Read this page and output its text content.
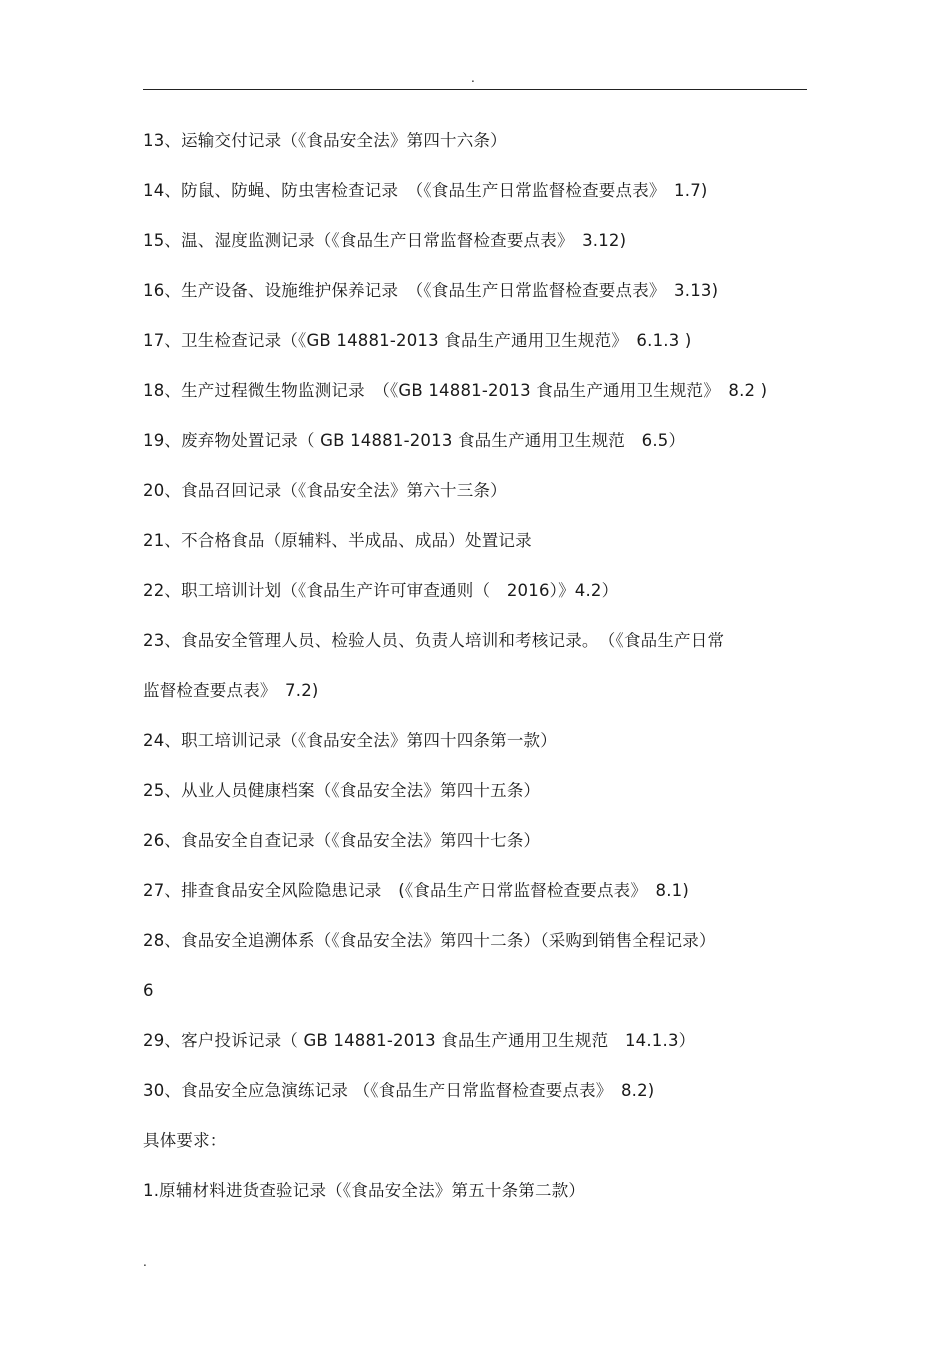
.
13、运输交付记录（《食品安全法》第四十六条）
14、防鼠、防蝇、防虫害检查记录　（《食品生产日常监督检查要点表》　1.7)
15、温、湿度监测记录（《食品生产日常监督检查要点表》　3.12)
16、生产设备、设施维护保养记录　（《食品生产日常监督检查要点表》　3.13)
17、卫生检查记录（《GB 14881-2013 食品生产通用卫生规范》　6.1.3 )
18、生产过程微生物监测记录　（《GB 14881-2013 食品生产通用卫生规范》　8.2 )
19、废弃物处置记录（ GB 14881-2013 食品生产通用卫生规范　6.5）
20、食品召回记录（《食品安全法》第六十三条）
21、不合格食品（原辅料、半成品、成品）处置记录
22、职工培训计划（《食品生产许可审查通则（　2016）》4.2）
23、食品安全管理人员、检验人员、负责人培训和考核记录。　（《食品生产日常
监督检查要点表》　7.2)
24、职工培训记录（《食品安全法》第四十四条第一款）
25、从业人员健康档案（《食品安全法》第四十五条）
26、食品安全自查记录（《食品安全法》第四十七条）
27、排查食品安全风险隐患记录　(《食品生产日常监督检查要点表》　8.1)
28、食品安全追溯体系（《食品安全法》第四十二条）（采购到销售全程记录）
6
29、客户投诉记录（ GB 14881-2013 食品生产通用卫生规范　14.1.3）
30、食品安全应急演练记录 （《食品生产日常监督检查要点表》　8.2)
具体要求：
1.原辅材料进货查验记录（《食品安全法》第五十条第二款）
.
